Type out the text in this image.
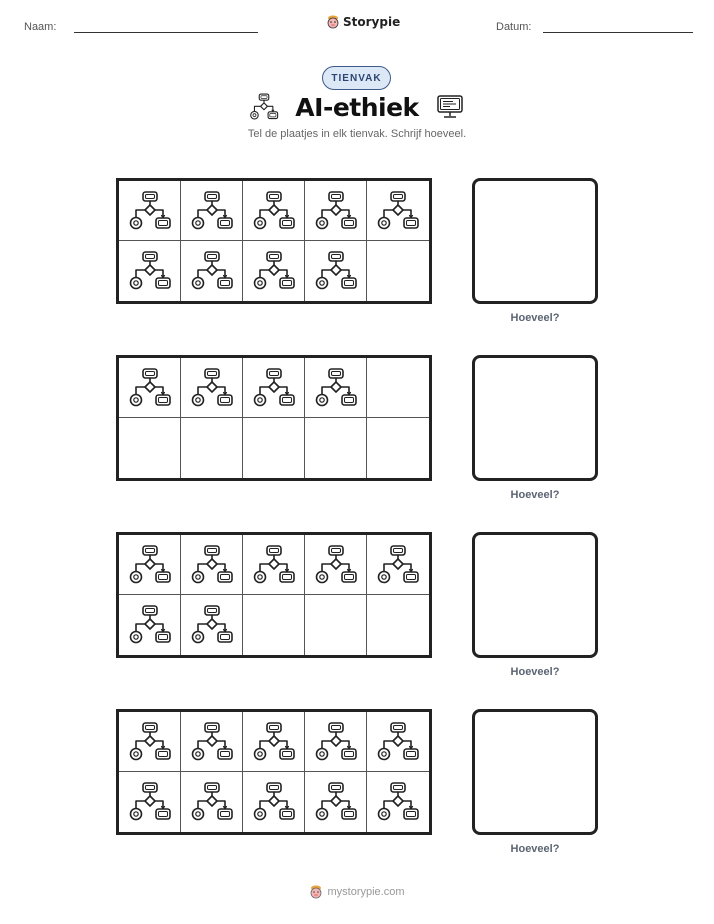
Naam:	Storypie	Datum:
TIENVAK
AI-ethiek
Tel de plaatjes in elk tienvak. Schrijf hoeveel.
Hoeveel?
Hoeveel?
Hoeveel?
Hoeveel?
mystorypie.com
